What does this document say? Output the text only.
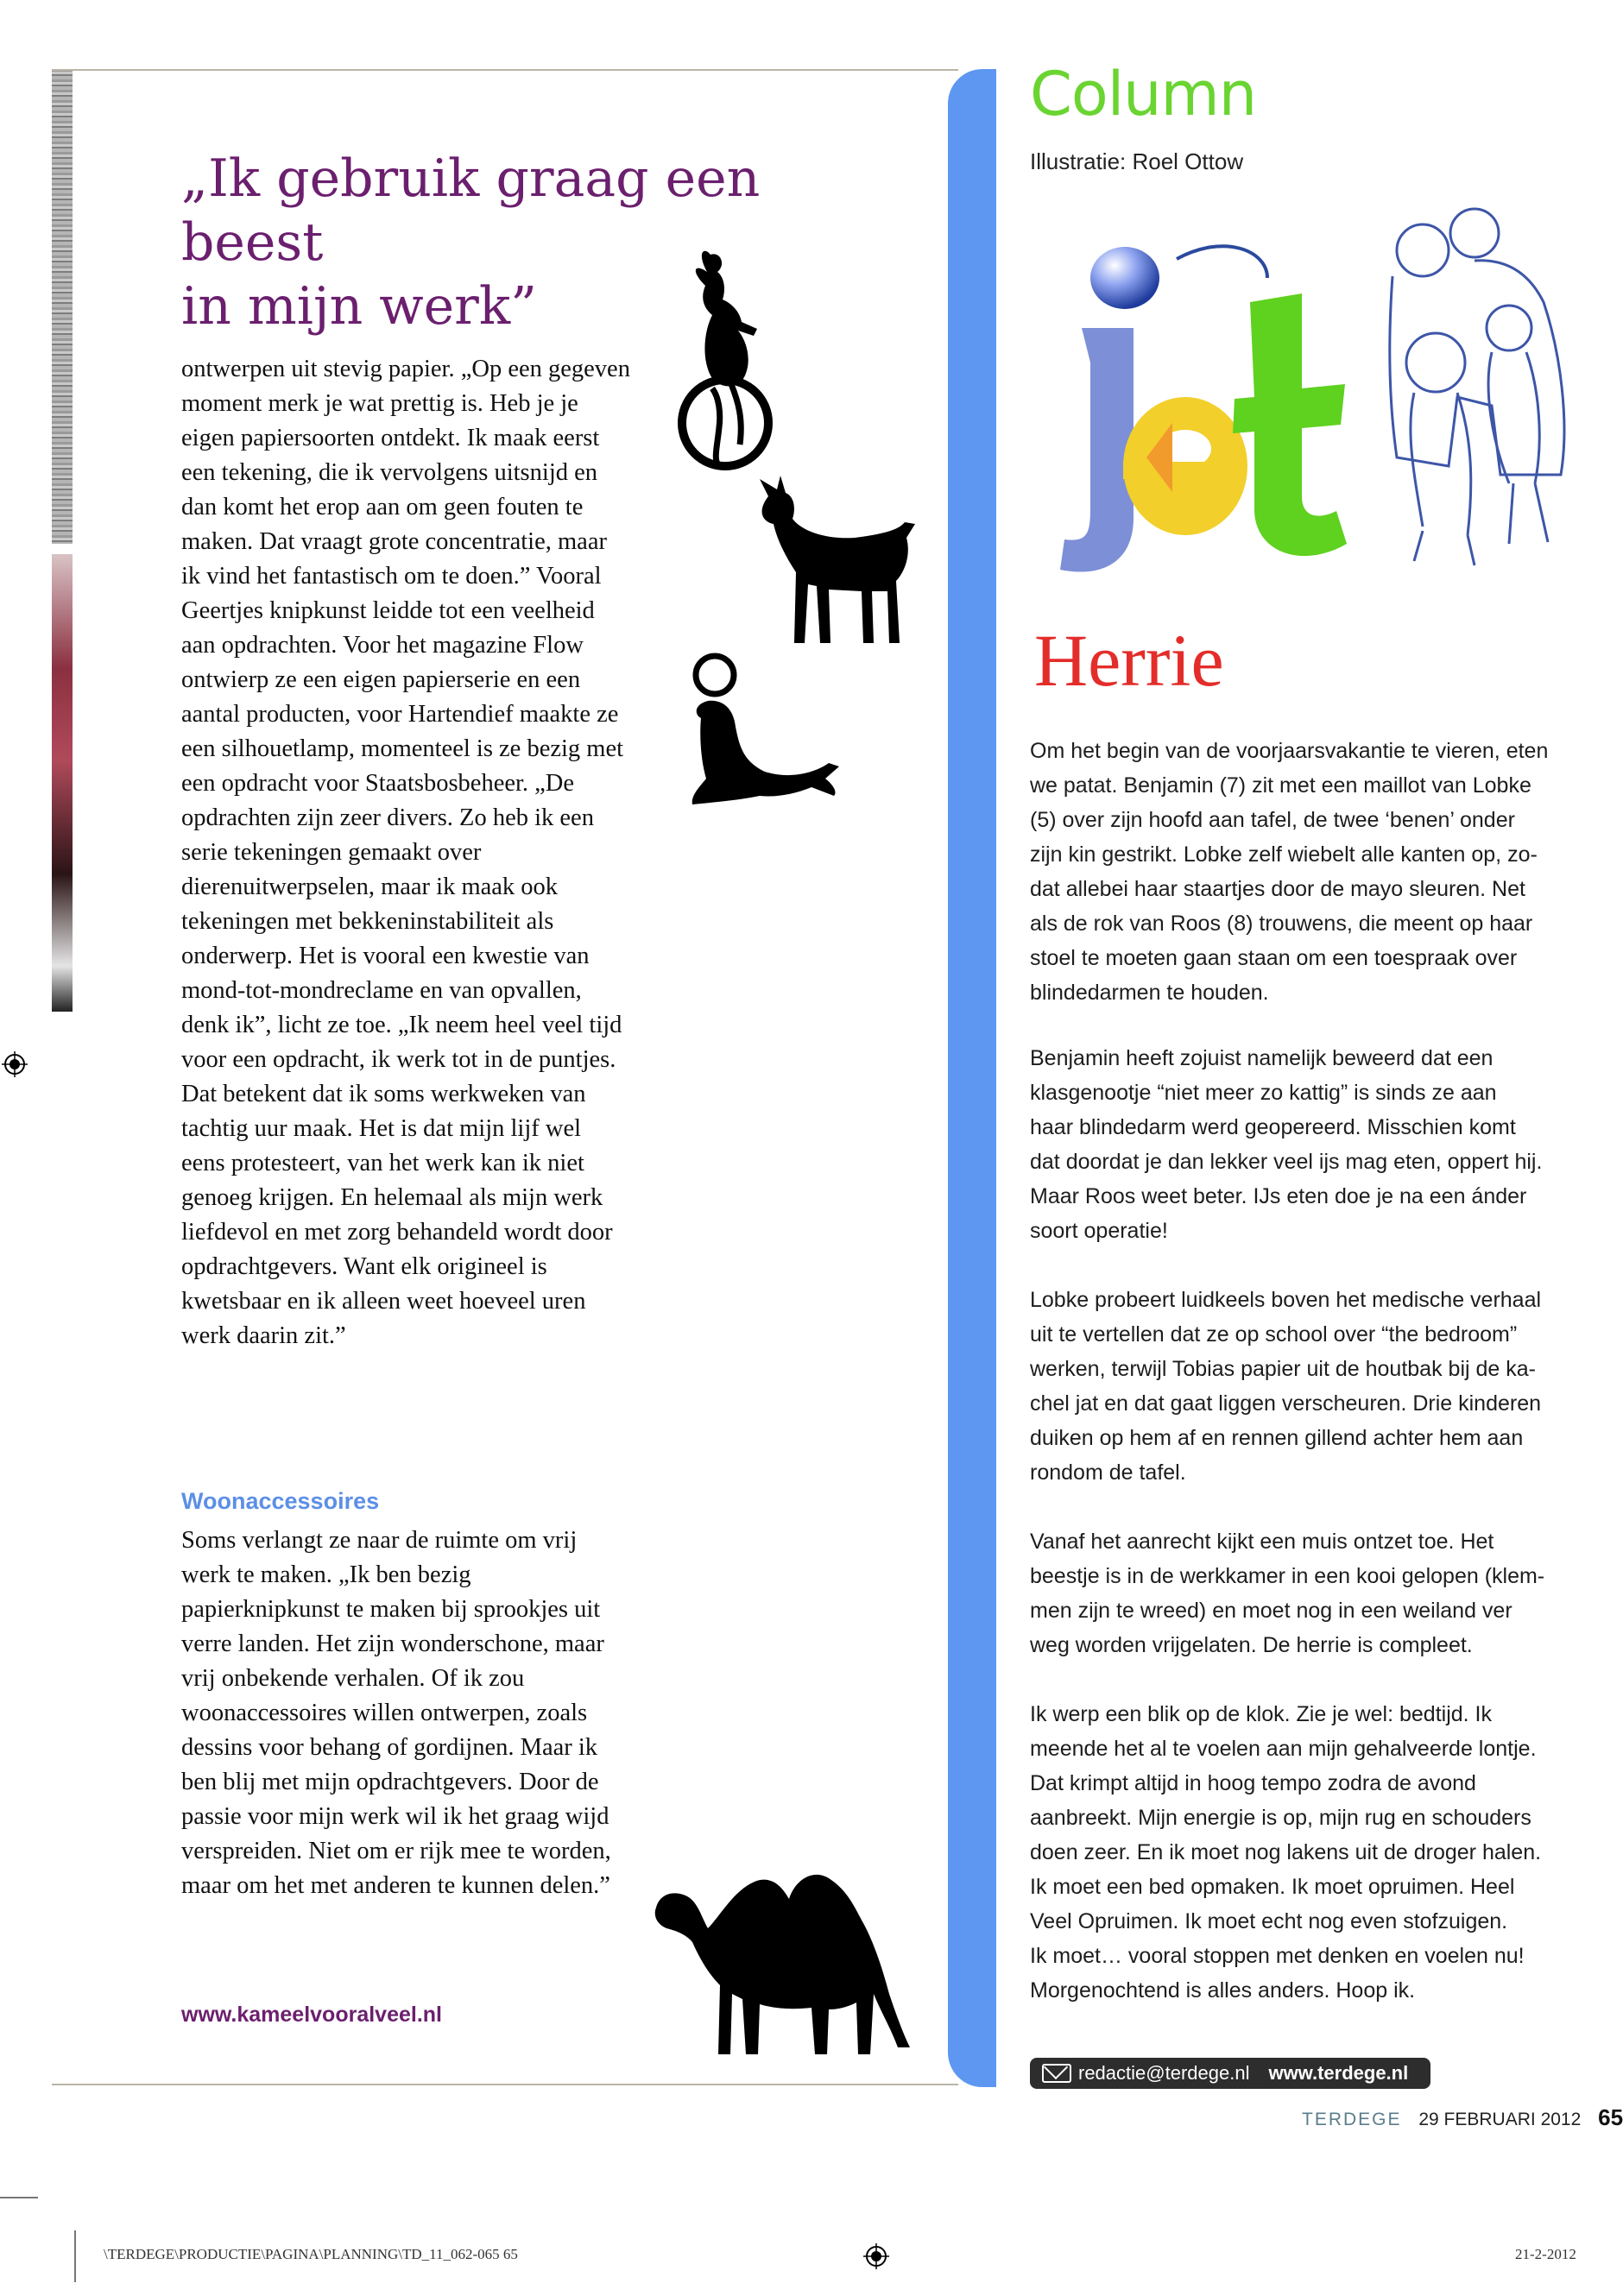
„Ik gebruik graag een beest
in mijn werk”
ontwerpen uit stevig papier. „Op een gegeven moment merk je wat prettig is. Heb je je eigen papiersoorten ontdekt. Ik maak eerst een tekening, die ik vervolgens uitsnijd en dan komt het erop aan om geen fouten te maken. Dat vraagt grote concentratie, maar ik vind het fantastisch om te doen.” Vooral Geertjes knipkunst leidde tot een veelheid aan opdrachten. Voor het magazine Flow ontwierp ze een eigen papierserie en een aantal producten, voor Hartendief maakte ze een silhouetlamp, momenteel is ze bezig met een opdracht voor Staatsbosbeheer. „De opdrachten zijn zeer divers. Zo heb ik een serie tekeningen gemaakt over dierenuitwerpselen, maar ik maak ook tekeningen met bekkeninstabiliteit als onderwerp. Het is vooral een kwestie van mond-tot-mondreclame en van opvallen, denk ik”, licht ze toe. „Ik neem heel veel tijd voor een opdracht, ik werk tot in de puntjes. Dat betekent dat ik soms werkweken van tachtig uur maak. Het is dat mijn lijf wel eens protesteert, van het werk kan ik niet genoeg krijgen. En helemaal als mijn werk liefdevol en met zorg behandeld wordt door opdrachtgevers. Want elk origineel is kwetsbaar en ik alleen weet hoeveel uren werk daarin zit.”
Woonaccessoires
Soms verlangt ze naar de ruimte om vrij werk te maken. „Ik ben bezig papierknipkunst te maken bij sprookjes uit verre landen. Het zijn wonderschone, maar vrij onbekende verhalen. Of ik zou woonaccessoires willen ontwerpen, zoals dessins voor behang of gordijnen. Maar ik ben blij met mijn opdrachtgevers. Door de passie voor mijn werk wil ik het graag wijd verspreiden. Niet om er rijk mee te worden, maar om het met anderen te kunnen delen.”
www.kameelvooralveel.nl
Column
Illustratie: Roel Ottow
jet
Herrie
Om het begin van de voorjaarsvakantie te vieren, eten
we patat. Benjamin (7) zit met een maillot van Lobke
(5) over zijn hoofd aan tafel, de twee ‘benen’ onder
zijn kin gestrikt. Lobke zelf wiebelt alle kanten op, zo-
dat allebei haar staartjes door de mayo sleuren. Net
als de rok van Roos (8) trouwens, die meent op haar
stoel te moeten gaan staan om een toespraak over
blindedarmen te houden.
Benjamin heeft zojuist namelijk beweerd dat een
klasgenootje “niet meer zo kattig” is sinds ze aan
haar blindedarm werd geopereerd. Misschien komt
dat doordat je dan lekker veel ijs mag eten, oppert hij.
Maar Roos weet beter. IJs eten doe je na een ánder
soort operatie!
Lobke probeert luidkeels boven het medische verhaal
uit te vertellen dat ze op school over “the bedroom”
werken, terwijl Tobias papier uit de houtbak bij de ka-
chel jat en dat gaat liggen verscheuren. Drie kinderen
duiken op hem af en rennen gillend achter hem aan
rondom de tafel.
Vanaf het aanrecht kijkt een muis ontzet toe. Het
beestje is in de werkkamer in een kooi gelopen (klem-
men zijn te wreed) en moet nog in een weiland ver
weg worden vrijgelaten. De herrie is compleet.
Ik werp een blik op de klok. Zie je wel: bedtijd. Ik
meende het al te voelen aan mijn gehalveerde lontje.
Dat krimpt altijd in hoog tempo zodra de avond
aanbreekt. Mijn energie is op, mijn rug en schouders
doen zeer. En ik moet nog lakens uit de droger halen.
Ik moet een bed opmaken. Ik moet opruimen. Heel
Veel Opruimen. Ik moet echt nog even stofzuigen.
Ik moet… vooral stoppen met denken en voelen nu!
Morgenochtend is alles anders. Hoop ik.
redactie@terdege.nl www.terdege.nl
TERDEGE 29 FEBRUARI 2012 65
\TERDEGE\PRODUCTIE\PAGINA\PLANNING\TD_11_062-065 65	21-2-2012
